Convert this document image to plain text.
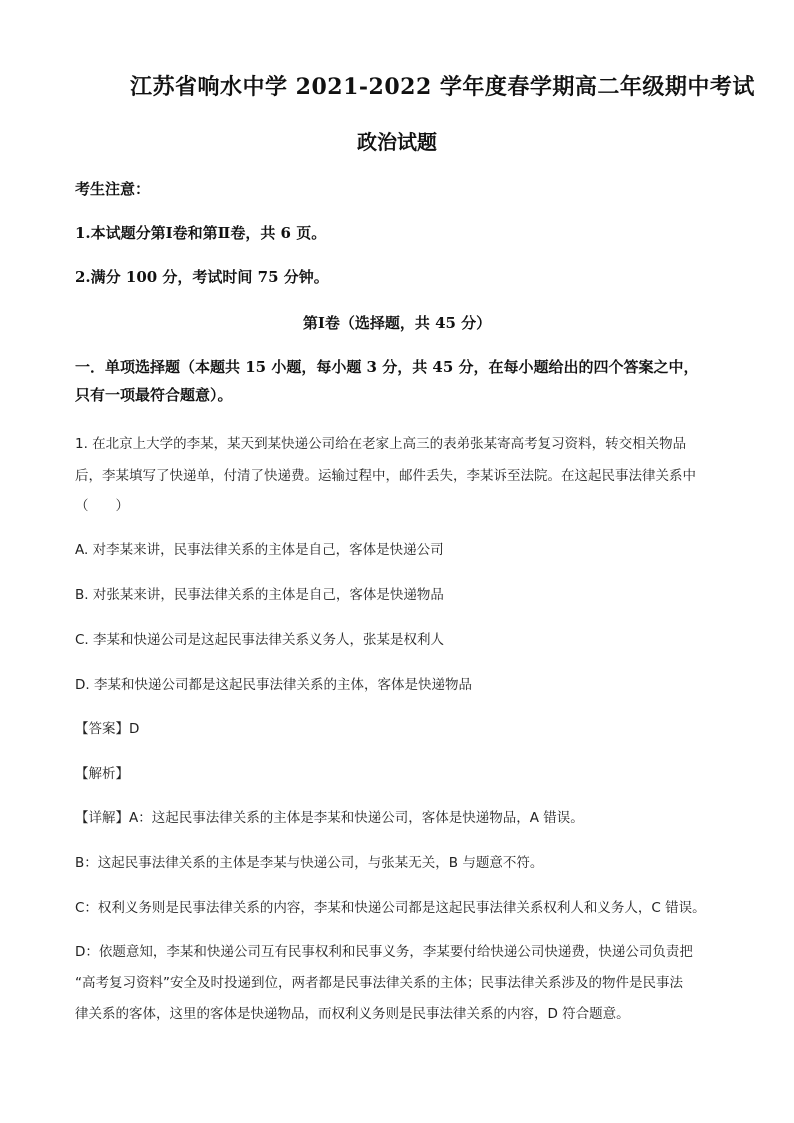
江苏省响水中学 2021-2022 学年度春学期高二年级期中考试
政治试题
考生注意：
1.本试题分第Ⅰ卷和第Ⅱ卷，共 6 页。
2.满分 100 分，考试时间 75 分钟。
第Ⅰ卷（选择题，共 45 分）
一．单项选择题（本题共 15 小题，每小题 3 分，共 45 分，在每小题给出的四个答案之中，
只有一项最符合题意）。
1. 在北京上大学的李某，某天到某快递公司给在老家上高三的表弟张某寄高考复习资料，转交相关物品
后，李某填写了快递单，付清了快递费。运输过程中，邮件丢失，李某诉至法院。在这起民事法律关系中
（　　）
A. 对李某来讲，民事法律关系的主体是自己，客体是快递公司
B. 对张某来讲，民事法律关系的主体是自己，客体是快递物品
C. 李某和快递公司是这起民事法律关系义务人，张某是权利人
D. 李某和快递公司都是这起民事法律关系的主体，客体是快递物品
【答案】D
【解析】
【详解】A：这起民事法律关系的主体是李某和快递公司，客体是快递物品，A 错误。
B：这起民事法律关系的主体是李某与快递公司，与张某无关，B 与题意不符。
C：权利义务则是民事法律关系的内容，李某和快递公司都是这起民事法律关系权利人和义务人，C 错误。
D：依题意知，李某和快递公司互有民事权利和民事义务，李某要付给快递公司快递费，快递公司负责把
“高考复习资料”安全及时投递到位，两者都是民事法律关系的主体；民事法律关系涉及的物件是民事法
律关系的客体，这里的客体是快递物品，而权利义务则是民事法律关系的内容，D 符合题意。
